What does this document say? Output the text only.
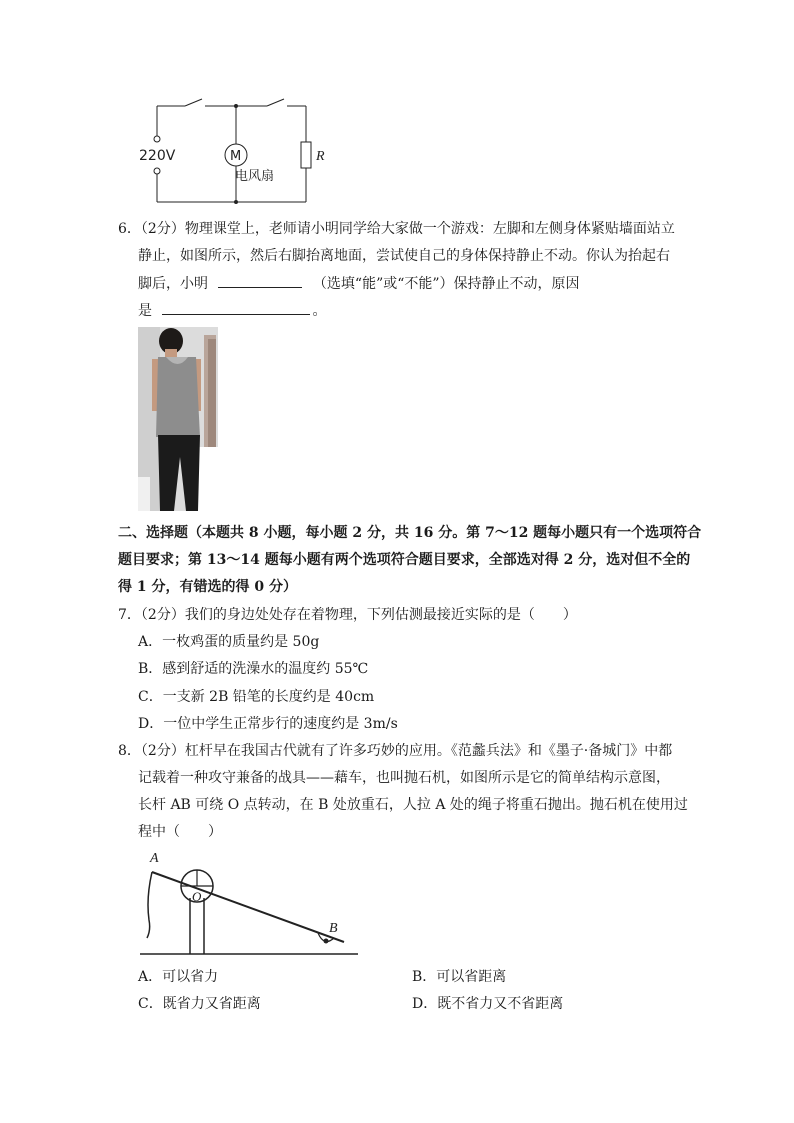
220V	M
电风扇
R
6．（2分）物理课堂上，老师请小明同学给大家做一个游戏：左脚和左侧身体紧贴墙面站立
静止，如图所示，然后右脚抬离地面，尝试使自己的身体保持静止不动。你认为抬起右
脚后，小明	（选填“能”或“不能”）保持静止不动，原因
是	。
二、选择题（本题共 8 小题，每小题 2 分，共 16 分。第 7～12 题每小题只有一个选项符合
题目要求；第 13～14 题每小题有两个选项符合题目要求，全部选对得 2 分，选对但不全的
得 1 分，有错选的得 0 分）
7．（2分）我们的身边处处存在着物理，下列估测最接近实际的是（　　）
A．一枚鸡蛋的质量约是 50g
B．感到舒适的洗澡水的温度约 55℃
C．一支新 2B 铅笔的长度约是 40cm
D．一位中学生正常步行的速度约是 3m/s
8．（2分）杠杆早在我国古代就有了许多巧妙的应用。《范蠡兵法》和《墨子·备城门》中都
记载着一种攻守兼备的战具——藉车，也叫抛石机，如图所示是它的简单结构示意图，
长杆 AB 可绕 O 点转动，在 B 处放重石，人拉 A 处的绳子将重石抛出。抛石机在使用过
程中（　　）
A
O
B
A．可以省力	B．可以省距离
C．既省力又省距离	D．既不省力又不省距离
